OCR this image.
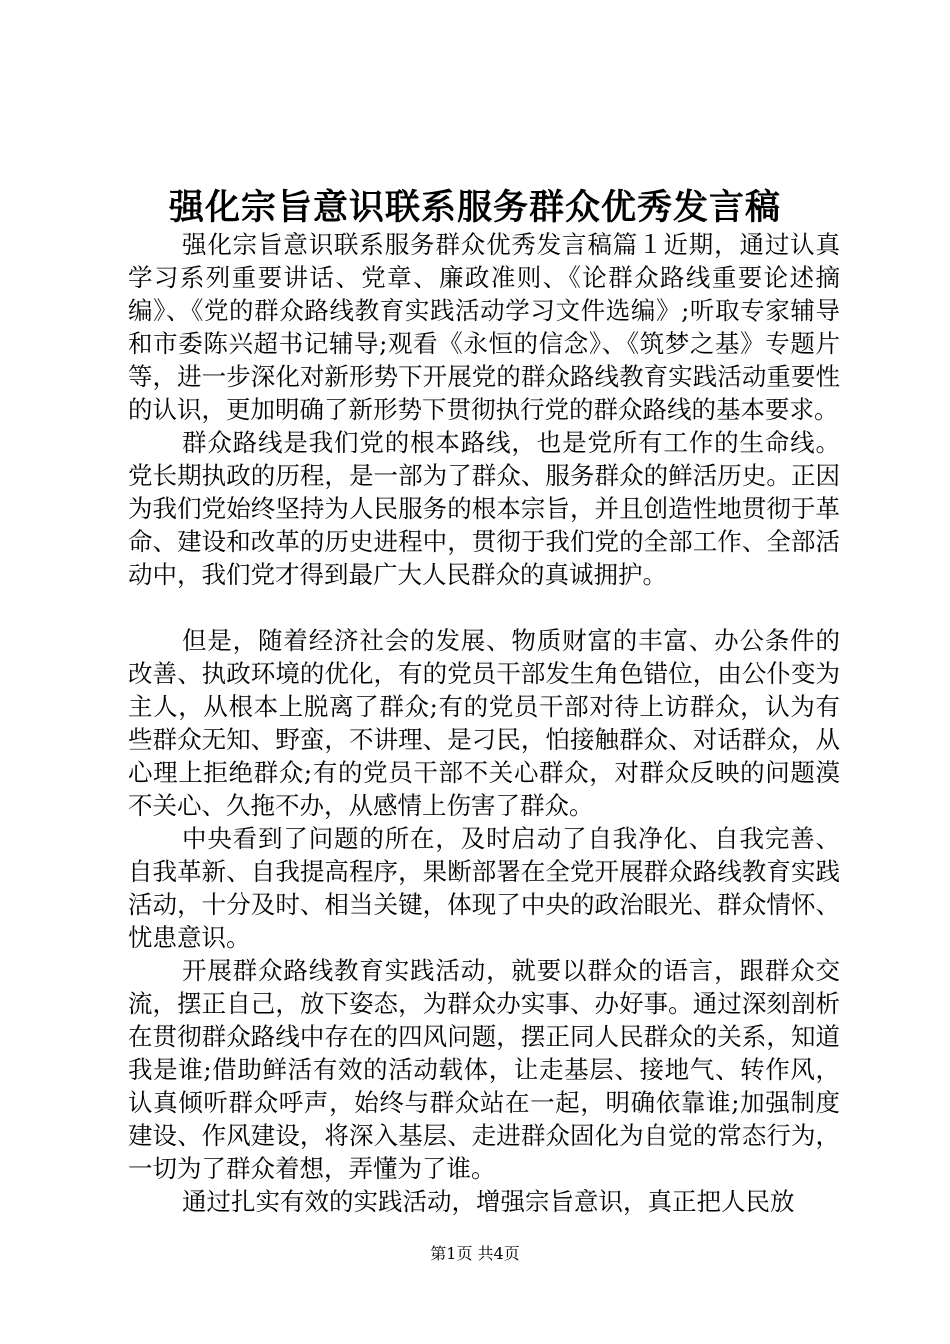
强化宗旨意识联系服务群众优秀发言稿

强化宗旨意识联系服务群众优秀发言稿篇１近期，通过认真学习系列重要讲话、党章、廉政准则、《论群众路线重要论述摘编》、《党的群众路线教育实践活动学习文件选编》;听取专家辅导和市委陈兴超书记辅导;观看《永恒的信念》、《筑梦之基》专题片等，进一步深化对新形势下开展党的群众路线教育实践活动重要性的认识，更加明确了新形势下贯彻执行党的群众路线的基本要求。

群众路线是我们党的根本路线，也是党所有工作的生命线。党长期执政的历程，是一部为了群众、服务群众的鲜活历史。正因为我们党始终坚持为人民服务的根本宗旨，并且创造性地贯彻于革命、建设和改革的历史进程中，贯彻于我们党的全部工作、全部活动中，我们党才得到最广大人民群众的真诚拥护。

但是，随着经济社会的发展、物质财富的丰富、办公条件的改善、执政环境的优化，有的党员干部发生角色错位，由公仆变为主人，从根本上脱离了群众;有的党员干部对待上访群众，认为有些群众无知、野蛮，不讲理、是刁民，怕接触群众、对话群众，从心理上拒绝群众;有的党员干部不关心群众，对群众反映的问题漠不关心、久拖不办，从感情上伤害了群众。

中央看到了问题的所在，及时启动了自我净化、自我完善、自我革新、自我提高程序，果断部署在全党开展群众路线教育实践活动，十分及时、相当关键，体现了中央的政治眼光、群众情怀、忧患意识。

开展群众路线教育实践活动，就要以群众的语言，跟群众交流，摆正自己，放下姿态，为群众办实事、办好事。通过深刻剖析在贯彻群众路线中存在的四风问题，摆正同人民群众的关系，知道我是谁;借助鲜活有效的活动载体，让走基层、接地气、转作风，认真倾听群众呼声，始终与群众站在一起，明确依靠谁;加强制度建设、作风建设，将深入基层、走进群众固化为自觉的常态行为，一切为了群众着想，弄懂为了谁。

通过扎实有效的实践活动，增强宗旨意识，真正把人民放

第1页 共4页
